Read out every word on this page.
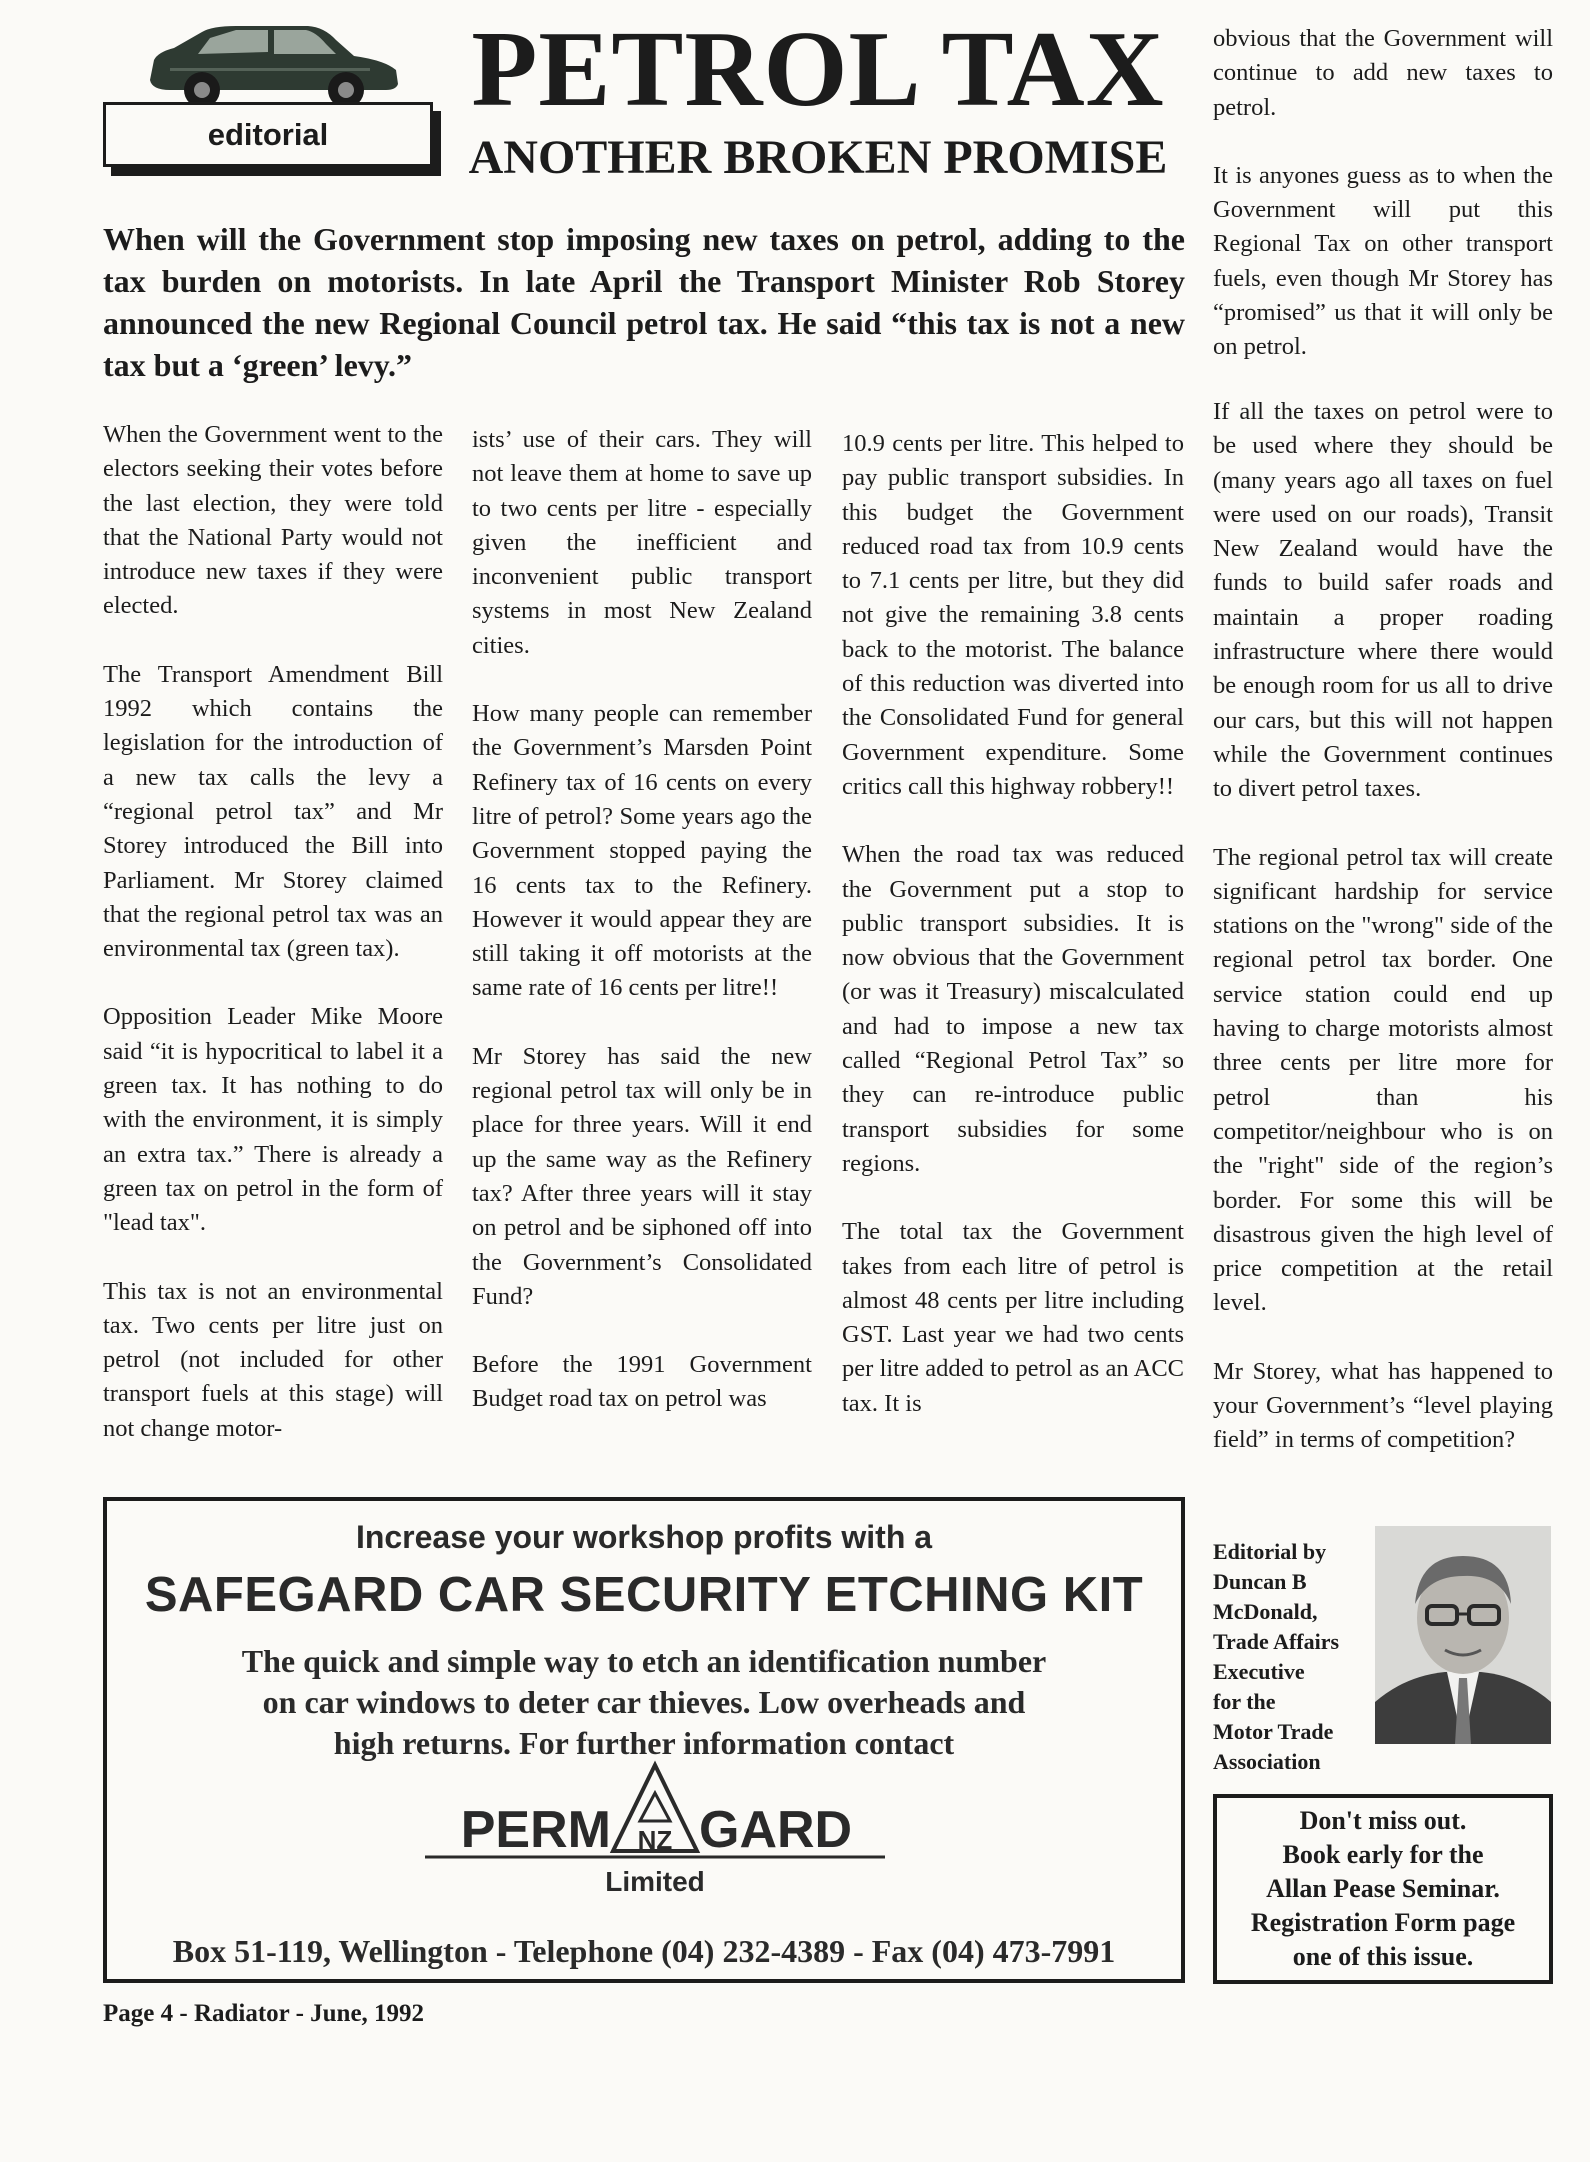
editorial
PETROL TAX
ANOTHER BROKEN PROMISE
When will the Government stop imposing new taxes on petrol, adding to the tax burden on motorists. In late April the Transport Minister Rob Storey announced the new Regional Council petrol tax. He said “this tax is not a new tax but a ‘green’ levy.”

When the Government went to the electors seeking their votes before the last election, they were told that the National Party would not introduce new taxes if they were elected.

The Transport Amendment Bill 1992 which contains the legislation for the introduction of a new tax calls the levy a “regional petrol tax” and Mr Storey introduced the Bill into Parliament. Mr Storey claimed that the regional petrol tax was an environmental tax (green tax).

Opposition Leader Mike Moore said “it is hypocritical to label it a green tax. It has nothing to do with the environment, it is simply an extra tax.” There is already a green tax on petrol in the form of "lead tax".

This tax is not an environmental tax. Two cents per litre just on petrol (not included for other transport fuels at this stage) will not change motor-

ists’ use of their cars. They will not leave them at home to save up to two cents per litre - especially given the inefficient and inconvenient public transport systems in most New Zealand cities.

How many people can remember the Government’s Marsden Point Refinery tax of 16 cents on every litre of petrol? Some years ago the Government stopped paying the 16 cents tax to the Refinery. However it would appear they are still taking it off motorists at the same rate of 16 cents per litre!!

Mr Storey has said the new regional petrol tax will only be in place for three years. Will it end up the same way as the Refinery tax? After three years will it stay on petrol and be siphoned off into the Government’s Consolidated Fund?

Before the 1991 Government Budget road tax on petrol was

10.9 cents per litre. This helped to pay public transport subsidies. In this budget the Government reduced road tax from 10.9 cents to 7.1 cents per litre, but they did not give the remaining 3.8 cents back to the motorist. The balance of this reduction was diverted into the Consolidated Fund for general Government expenditure. Some critics call this highway robbery!!

When the road tax was reduced the Government put a stop to public transport subsidies. It is now obvious that the Government (or was it Treasury) miscalculated and had to impose a new tax called “Regional Petrol Tax” so they can re-introduce public transport subsidies for some regions.

The total tax the Government takes from each litre of petrol is almost 48 cents per litre including GST. Last year we had two cents per litre added to petrol as an ACC tax. It is

obvious that the Government will continue to add new taxes to petrol.

It is anyones guess as to when the Government will put this Regional Tax on other transport fuels, even though Mr Storey has “promised” us that it will only be on petrol.

If all the taxes on petrol were to be used where they should be (many years ago all taxes on fuel were used on our roads), Transit New Zealand would have the funds to build safer roads and maintain a proper roading infrastructure where there would be enough room for us all to drive our cars, but this will not happen while the Government continues to divert petrol taxes.

The regional petrol tax will create significant hardship for service stations on the "wrong" side of the regional petrol tax border. One service station could end up having to charge motorists almost three cents per litre more for petrol than his competitor/neighbour who is on the "right" side of the region’s border. For some this will be disastrous given the high level of price competition at the retail level.

Mr Storey, what has happened to your Government’s “level playing field” in terms of competition?

Increase your workshop profits with a
SAFEGARD CAR SECURITY ETCHING KIT
The quick and simple way to etch an identification number
on car windows to deter car thieves. Low overheads and
high returns. For further information contact
PERM NZ GARD
Limited
Box 51-119, Wellington - Telephone (04) 232-4389 - Fax (04) 473-7991
Editorial by
Duncan B
McDonald,
Trade Affairs
Executive
for the
Motor Trade
Association
Don't miss out.
Book early for the
Allan Pease Seminar.
Registration Form page
one of this issue.
Page 4 - Radiator - June, 1992
